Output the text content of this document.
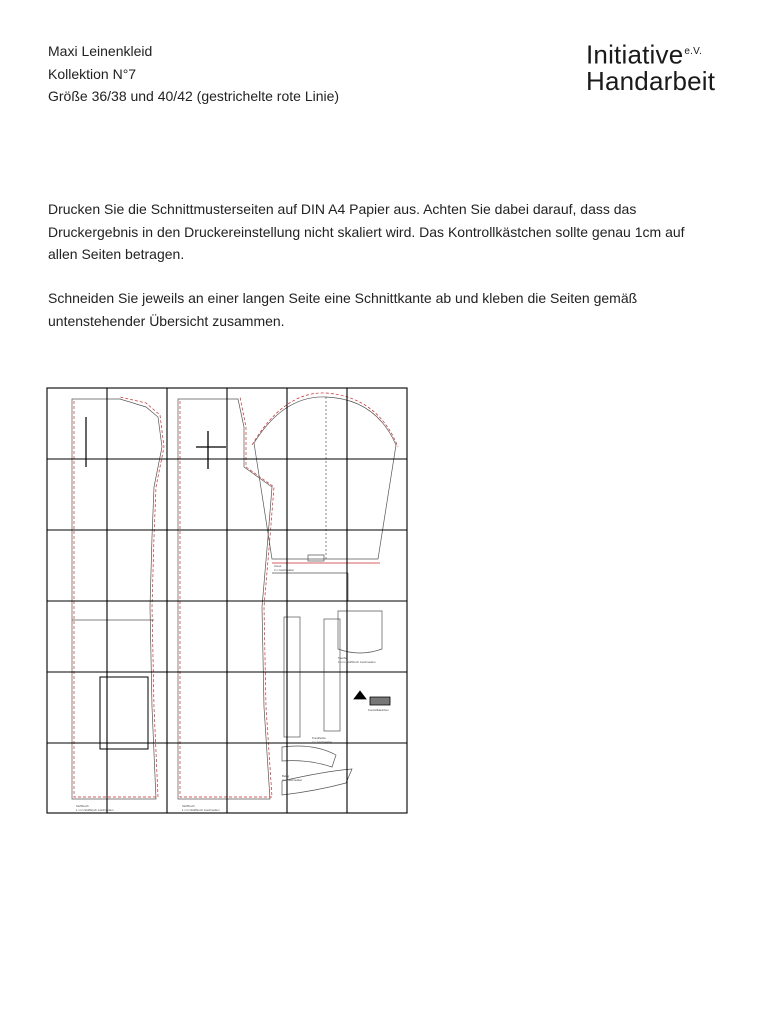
Maxi Leinenkleid
Kollektion N°7
Größe 36/38 und 40/42 (gestrichelte rote Linie)
Initiative$^{e.V.}$
Handarbeit

Drucken Sie die Schnittmusterseiten auf DIN A4 Papier aus. Achten Sie dabei darauf, dass das Druckergebnis in den Druckereinstellung nicht skaliert wird. Das Kontrollkästchen sollte genau 1cm auf allen Seiten betragen.

Schneiden Sie jeweils an einer langen Seite eine Schnittkante ab und kleben die Seiten gemäß untenstehender Übersicht zusammen.

Stoffbruch
1 x im Stoffbruch zuschneiden
Stoffbruch
1 x im Stoffbruch zuschneiden
Tasche
1 x im Stoffbruch zuschneiden
Knopfleiste
2 x zuschneiden
Beleg
2 x zuschneiden
Ärmel
2 x zuschneiden
Kontrollkästchen
